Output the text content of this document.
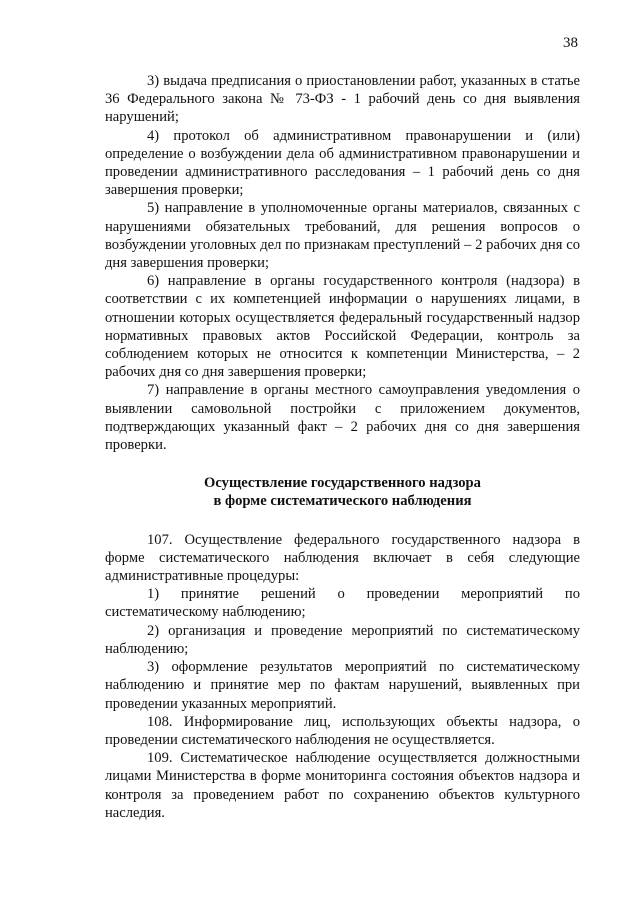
38

3) выдача предписания о приостановлении работ, указанных в статье 36 Федерального закона № 73-ФЗ - 1 рабочий день со дня выявления нарушений;

4) протокол об административном правонарушении и (или) определение о возбуждении дела об административном правонарушении и проведении административного расследования – 1 рабочий день со дня завершения проверки;

5) направление в уполномоченные органы материалов, связанных с нарушениями обязательных требований, для решения вопросов о возбуждении уголовных дел по признакам преступлений – 2 рабочих дня со дня завершения проверки;

6) направление в органы государственного контроля (надзора) в соответствии с их компетенцией информации о нарушениях лицами, в отношении которых осуществляется федеральный государственный надзор нормативных правовых актов Российской Федерации, контроль за соблюдением которых не относится к компетенции Министерства, – 2 рабочих дня со дня завершения проверки;

7) направление в органы местного самоуправления уведомления о выявлении самовольной постройки с приложением документов, подтверждающих указанный факт – 2 рабочих дня со дня завершения проверки.

Осуществление государственного надзора

в форме систематического наблюдения

107. Осуществление федерального государственного надзора в форме систематического наблюдения включает в себя следующие административные процедуры:

1) принятие решений о проведении мероприятий по систематическому наблюдению;

2) организация и проведение мероприятий по систематическому наблюдению;

3) оформление результатов мероприятий по систематическому наблюдению и принятие мер по фактам нарушений, выявленных при проведении указанных мероприятий.

108. Информирование лиц, использующих объекты надзора, о проведении систематического наблюдения не осуществляется.

109. Систематическое наблюдение осуществляется должностными лицами Министерства в форме мониторинга состояния объектов надзора и контроля за проведением работ по сохранению объектов культурного наследия.
